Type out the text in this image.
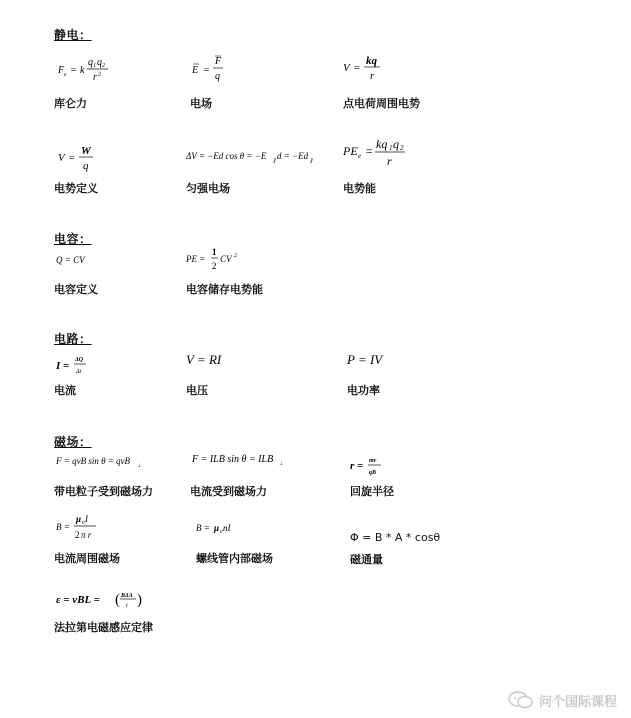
静电：
F e = k
q 1 q 2
r 2
库仑力
E =
F
q
电场
V =
kq
r
点电荷周围电势
V =
W
q
电势定义
ΔV = −Ed cos θ = −E
∥
d = −Ed
∥
匀强电场
PE e = kq 1 q 2
r
电势能
电容：
Q = CV
电容定义
PE =
1
2
CV 2
电容储存电势能
电路：
I = ΔQ
Δt
电流
V = RI
电压
P = IV
电功率
磁场：
F = qvB sin θ = qvB
⊥
带电粒子受到磁场力
F = ILB sin θ = ILB ⊥
电流受到磁场力
r = mv
qB
回旋半径
B =
μ 0 I
2 π r
电流周围磁场
B = μ 0 nI
螺线管内部磁场
Φ = B * A * cosθ
磁通量
ε = vBL = ( BΔA
t )
法拉第电磁感应定律
问个国际课程
